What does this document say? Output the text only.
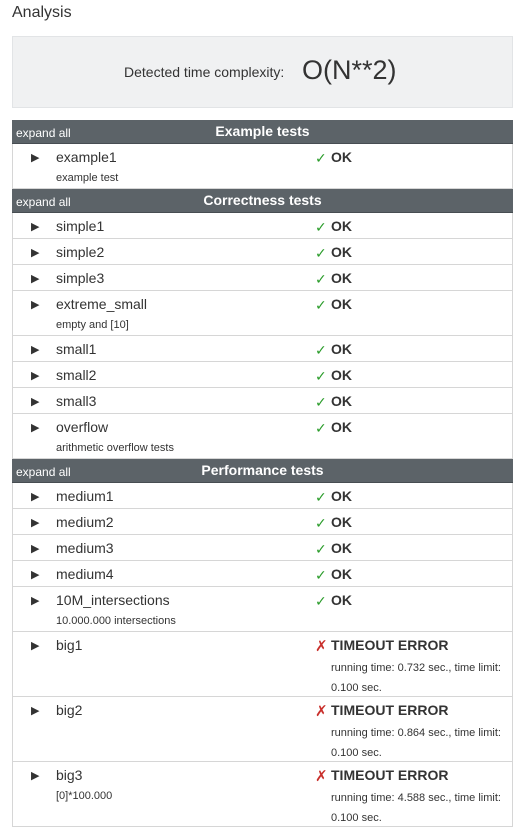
Analysis
Detected time complexity: O(N**2)
expand all	Example tests
▶ example1
example test
✓ OK
expand all	Correctness tests
▶ simple1	✓ OK
▶ simple2	✓ OK
▶ simple3	✓ OK
▶ extreme_small
empty and [10]
✓ OK
▶ small1	✓ OK
▶ small2	✓ OK
▶ small3	✓ OK
▶ overflow
arithmetic overflow tests
✓ OK
expand all	Performance tests
▶ medium1	✓ OK
▶ medium2	✓ OK
▶ medium3	✓ OK
▶ medium4	✓ OK
▶ 10M_intersections
10.000.000 intersections
✓ OK
▶ big1	✗ TIMEOUT ERROR
running time: 0.732 sec., time limit: 0.100 sec.
▶ big2	✗ TIMEOUT ERROR
running time: 0.864 sec., time limit: 0.100 sec.
▶ big3
[0]*100.000
✗ TIMEOUT ERROR
running time: 4.588 sec., time limit: 0.100 sec.
